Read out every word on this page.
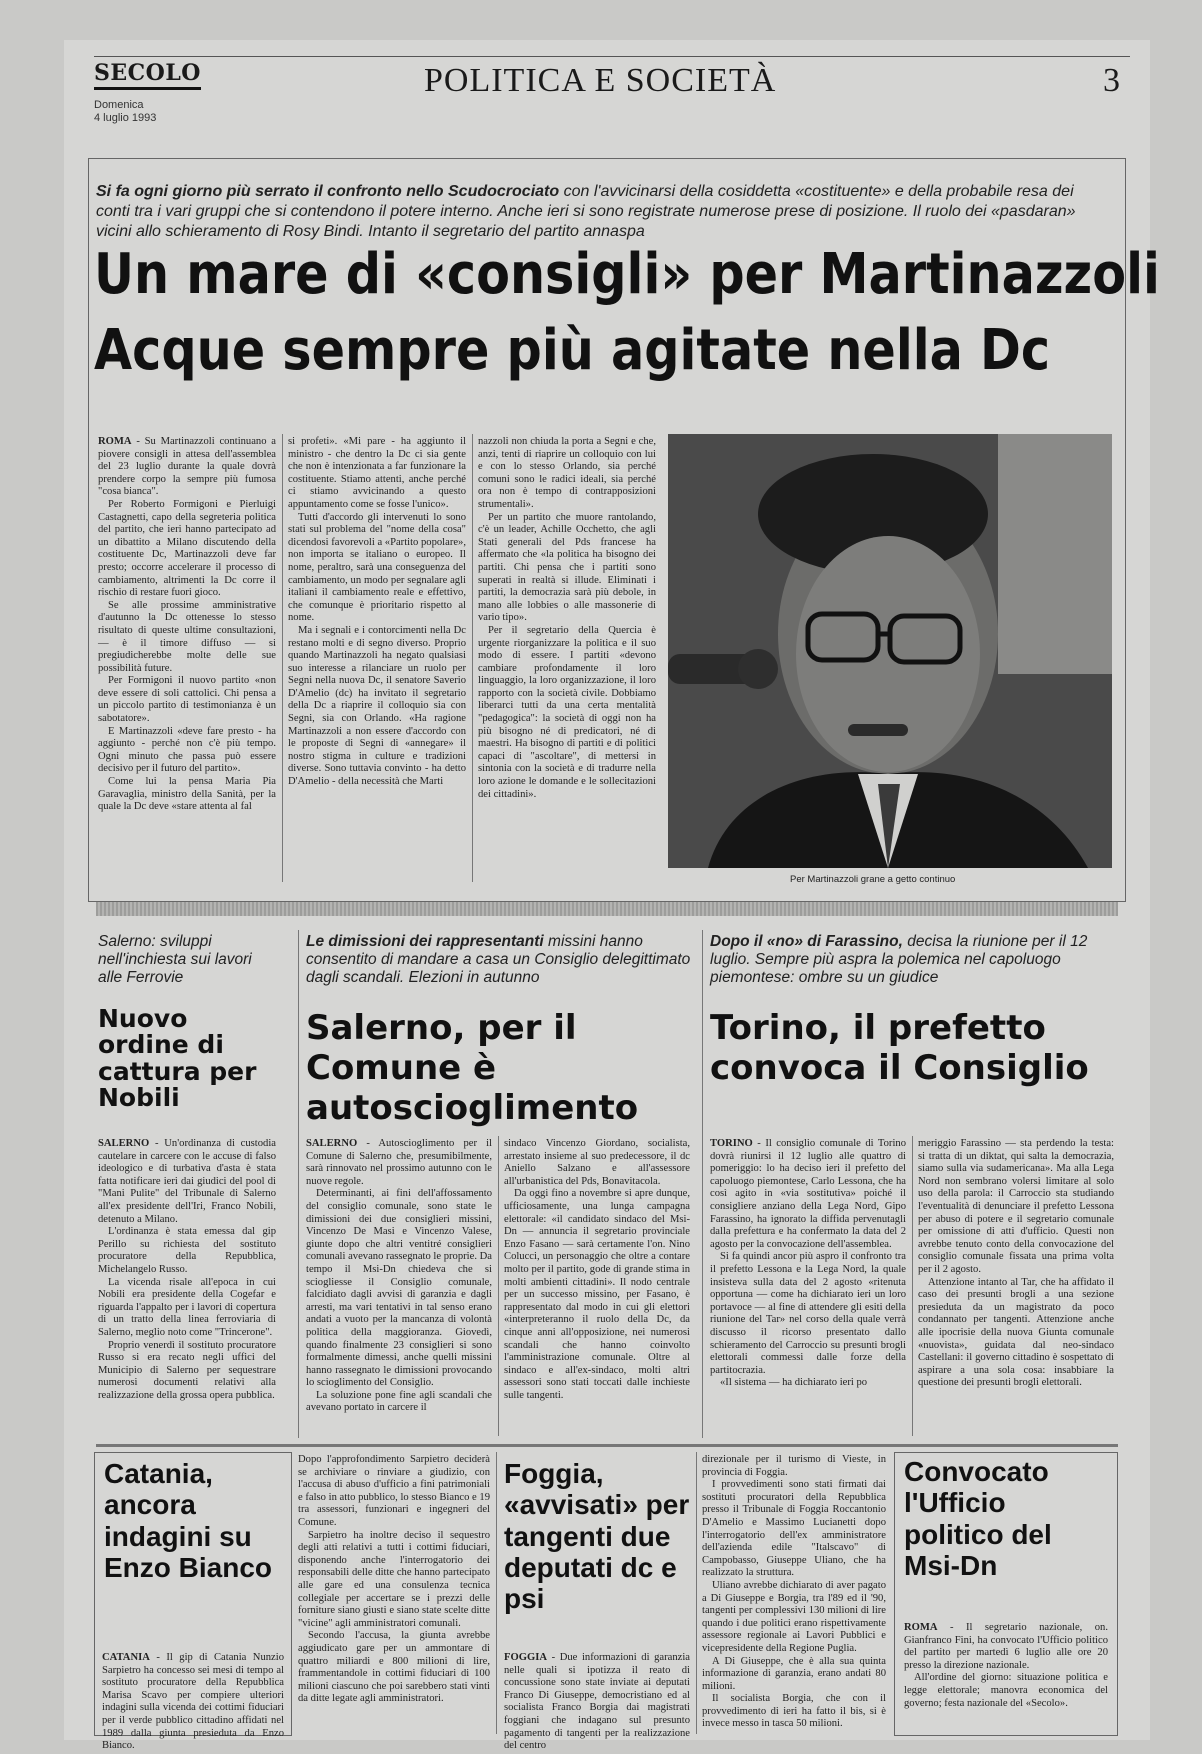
SECOLO
Domenica
4 luglio 1993
POLITICA E SOCIETÀ	3
Si fa ogni giorno più serrato il confronto nello Scudocrociato con l'avvicinarsi della cosiddetta «costituente» e della probabile resa dei conti tra i vari gruppi che si contendono il potere interno. Anche ieri si sono registrate numerose prese di posizione. Il ruolo dei «pasdaran» vicini allo schieramento di Rosy Bindi. Intanto il segretario del partito annaspa
Un mare di «consigli» per Martinazzoli
Acque sempre più agitate nella Dc

ROMA - Su Martinazzoli continuano a piovere consigli in attesa dell'assemblea del 23 luglio durante la quale dovrà prendere corpo la sempre più fumosa "cosa bianca".

Per Roberto Formigoni e Pierluigi Castagnetti, capo della segreteria politica del partito, che ieri hanno partecipato ad un dibattito a Milano discutendo della costituente Dc, Martinazzoli deve far presto; occorre accelerare il processo di cambiamento, altrimenti la Dc corre il rischio di restare fuori gioco.

Se alle prossime amministrative d'autunno la Dc ottenesse lo stesso risultato di queste ultime consultazioni, — è il timore diffuso — si pregiudicherebbe molte delle sue possibilità future.

Per Formigoni il nuovo partito «non deve essere di soli cattolici. Chi pensa a un piccolo partito di testimonianza è un sabotatore».

E Martinazzoli «deve fare presto - ha aggiunto - perché non c'è più tempo. Ogni minuto che passa può essere decisivo per il futuro del partito».

Come lui la pensa Maria Pia Garavaglia, ministro della Sanità, per la quale la Dc deve «stare attenta al fal

si profeti». «Mi pare - ha aggiunto il ministro - che dentro la Dc ci sia gente che non è intenzionata a far funzionare la costituente. Stiamo attenti, anche perché ci stiamo avvicinando a questo appuntamento come se fosse l'unico».

Tutti d'accordo gli intervenuti lo sono stati sul problema del "nome della cosa" dicendosi favorevoli a «Partito popolare», non importa se italiano o europeo. Il nome, peraltro, sarà una conseguenza del cambiamento, un modo per segnalare agli italiani il cambiamento reale e effettivo, che comunque è prioritario rispetto al nome.

Ma i segnali e i contorcimenti nella Dc restano molti e di segno diverso. Proprio quando Martinazzoli ha negato qualsiasi suo interesse a rilanciare un ruolo per Segni nella nuova Dc, il senatore Saverio D'Amelio (dc) ha invitato il segretario della Dc a riaprire il colloquio sia con Segni, sia con Orlando. «Ha ragione Martinazzoli a non essere d'accordo con le proposte di Segni di «annegare» il nostro stigma in culture e tradizioni diverse. Sono tuttavia convinto - ha detto D'Amelio - della necessità che Marti

nazzoli non chiuda la porta a Segni e che, anzi, tenti di riaprire un colloquio con lui e con lo stesso Orlando, sia perché comuni sono le radici ideali, sia perché ora non è tempo di contrapposizioni strumentali».

Per un partito che muore rantolando, c'è un leader, Achille Occhetto, che agli Stati generali del Pds francese ha affermato che «la politica ha bisogno dei partiti. Chi pensa che i partiti sono superati in realtà si illude. Eliminati i partiti, la democrazia sarà più debole, in mano alle lobbies o alle massonerie di vario tipo».

Per il segretario della Quercia è urgente riorganizzare la politica e il suo modo di essere. I partiti «devono cambiare profondamente il loro linguaggio, la loro organizzazione, il loro rapporto con la società civile. Dobbiamo liberarci tutti da una certa mentalità "pedagogica": la società di oggi non ha più bisogno né di predicatori, né di maestri. Ha bisogno di partiti e di politici capaci di "ascoltare", di mettersi in sintonia con la società e di tradurre nella loro azione le domande e le sollecitazioni dei cittadini».

Per Martinazzoli grane a getto continuo
Salerno: sviluppi nell'inchiesta sui lavori alle Ferrovie
Nuovo ordine di cattura per Nobili

SALERNO - Un'ordinanza di custodia cautelare in carcere con le accuse di falso ideologico e di turbativa d'asta è stata fatta notificare ieri dai giudici del pool di "Mani Pulite" del Tribunale di Salerno all'ex presidente dell'Iri, Franco Nobili, detenuto a Milano.

L'ordinanza è stata emessa dal gip Perillo su richiesta del sostituto procuratore della Repubblica, Michelangelo Russo.

La vicenda risale all'epoca in cui Nobili era presidente della Cogefar e riguarda l'appalto per i lavori di copertura di un tratto della linea ferroviaria di Salerno, meglio noto come "Trincerone".

Proprio venerdì il sostituto procuratore Russo si era recato negli uffici del Municipio di Salerno per sequestrare numerosi documenti relativi alla realizzazione della grossa opera pubblica.

Le dimissioni dei rappresentanti missini hanno consentito di mandare a casa un Consiglio delegittimato dagli scandali. Elezioni in autunno
Salerno, per il Comune è autoscioglimento

SALERNO - Autoscioglimento per il Comune di Salerno che, presumibilmente, sarà rinnovato nel prossimo autunno con le nuove regole.

Determinanti, ai fini dell'affossamento del consiglio comunale, sono state le dimissioni dei due consiglieri missini, Vincenzo De Masi e Vincenzo Valese, giunte dopo che altri ventitré consiglieri comunali avevano rassegnato le proprie. Da tempo il Msi-Dn chiedeva che si sciogliesse il Consiglio comunale, falcidiato dagli avvisi di garanzia e dagli arresti, ma vari tentativi in tal senso erano andati a vuoto per la mancanza di volontà politica della maggioranza. Giovedì, quando finalmente 23 consiglieri si sono formalmente dimessi, anche quelli missini hanno rassegnato le dimissioni provocando lo scioglimento del Consiglio.

La soluzione pone fine agli scandali che avevano portato in carcere il

sindaco Vincenzo Giordano, socialista, arrestato insieme al suo predecessore, il dc Aniello Salzano e all'assessore all'urbanistica del Pds, Bonavitacola.

Da oggi fino a novembre si apre dunque, ufficiosamente, una lunga campagna elettorale: «il candidato sindaco del Msi-Dn — annuncia il segretario provinciale Enzo Fasano — sarà certamente l'on. Nino Colucci, un personaggio che oltre a contare molto per il partito, gode di grande stima in molti ambienti cittadini». Il nodo centrale per un successo missino, per Fasano, è rappresentato dal modo in cui gli elettori «interpreteranno il ruolo della Dc, da cinque anni all'opposizione, nei numerosi scandali che hanno coinvolto l'amministrazione comunale. Oltre al sindaco e all'ex-sindaco, molti altri assessori sono stati toccati dalle inchieste sulle tangenti.

Dopo il «no» di Farassino, decisa la riunione per il 12 luglio. Sempre più aspra la polemica nel capoluogo piemontese: ombre su un giudice
Torino, il prefetto convoca il Consiglio

TORINO - Il consiglio comunale di Torino dovrà riunirsi il 12 luglio alle quattro di pomeriggio: lo ha deciso ieri il prefetto del capoluogo piemontese, Carlo Lessona, che ha così agito in «via sostitutiva» poiché il consigliere anziano della Lega Nord, Gipo Farassino, ha ignorato la diffida pervenutagli dalla prefettura e ha confermato la data del 2 agosto per la convocazione dell'assemblea.

Si fa quindi ancor più aspro il confronto tra il prefetto Lessona e la Lega Nord, la quale insisteva sulla data del 2 agosto «ritenuta opportuna — come ha dichiarato ieri un loro portavoce — al fine di attendere gli esiti della riunione del Tar» nel corso della quale verrà discusso il ricorso presentato dallo schieramento del Carroccio su presunti brogli elettorali commessi dalle forze della partitocrazia.

«Il sistema — ha dichiarato ieri po

meriggio Farassino — sta perdendo la testa: si tratta di un diktat, qui salta la democrazia, siamo sulla via sudamericana». Ma alla Lega Nord non sembrano volersi limitare al solo uso della parola: il Carroccio sta studiando l'eventualità di denunciare il prefetto Lessona per abuso di potere e il segretario comunale per omissione di atti d'ufficio. Questi non avrebbe tenuto conto della convocazione del consiglio comunale fissata una prima volta per il 2 agosto.

Attenzione intanto al Tar, che ha affidato il caso dei presunti brogli a una sezione presieduta da un magistrato da poco condannato per tangenti. Attenzione anche alle ipocrisie della nuova Giunta comunale «nuovista», guidata dal neo-sindaco Castellani: il governo cittadino è sospettato di aspirare a una sola cosa: insabbiare la questione dei presunti brogli elettorali.

Catania, ancora indagini su Enzo Bianco

CATANIA - Il gip di Catania Nunzio Sarpietro ha concesso sei mesi di tempo al sostituto procuratore della Repubblica Marisa Scavo per compiere ulteriori indagini sulla vicenda dei cottimi fiduciari per il verde pubblico cittadino affidati nel 1989 dalla giunta presieduta da Enzo Bianco.

Dopo l'approfondimento Sarpietro deciderà se archiviare o rinviare a giudizio, con l'accusa di abuso d'ufficio a fini patrimoniali e falso in atto pubblico, lo stesso Bianco e 19 tra assessori, funzionari e ingegneri del Comune.

Sarpietro ha inoltre deciso il sequestro degli atti relativi a tutti i cottimi fiduciari, disponendo anche l'interrogatorio dei responsabili delle ditte che hanno partecipato alle gare ed una consulenza tecnica collegiale per accertare se i prezzi delle forniture siano giusti e siano state scelte ditte "vicine" agli amministratori comunali.

Secondo l'accusa, la giunta avrebbe aggiudicato gare per un ammontare di quattro miliardi e 800 milioni di lire, frammentandole in cottimi fiduciari di 100 milioni ciascuno che poi sarebbero stati vinti da ditte legate agli amministratori.

Foggia, «avvisati» per tangenti due deputati dc e psi

FOGGIA - Due informazioni di garanzia nelle quali si ipotizza il reato di concussione sono state inviate ai deputati Franco Di Giuseppe, democristiano ed al socialista Franco Borgia dai magistrati foggiani che indagano sul presunto pagamento di tangenti per la realizzazione del centro

direzionale per il turismo di Vieste, in provincia di Foggia.

I provvedimenti sono stati firmati dai sostituti procuratori della Repubblica presso il Tribunale di Foggia Roccantonio D'Amelio e Massimo Lucianetti dopo l'interrogatorio dell'ex amministratore dell'azienda edile "Italscavo" di Campobasso, Giuseppe Uliano, che ha realizzato la struttura.

Uliano avrebbe dichiarato di aver pagato a Di Giuseppe e Borgia, tra l'89 ed il '90, tangenti per complessivi 130 milioni di lire quando i due politici erano rispettivamente assessore regionale ai Lavori Pubblici e vicepresidente della Regione Puglia.

A Di Giuseppe, che è alla sua quinta informazione di garanzia, erano andati 80 milioni.

Il socialista Borgia, che con il provvedimento di ieri ha fatto il bis, si è invece messo in tasca 50 milioni.

Convocato l'Ufficio politico del Msi-Dn

ROMA - Il segretario nazionale, on. Gianfranco Fini, ha convocato l'Ufficio politico del partito per martedì 6 luglio alle ore 20 presso la direzione nazionale.

All'ordine del giorno: situazione politica e legge elettorale; manovra economica del governo; festa nazionale del «Secolo».
